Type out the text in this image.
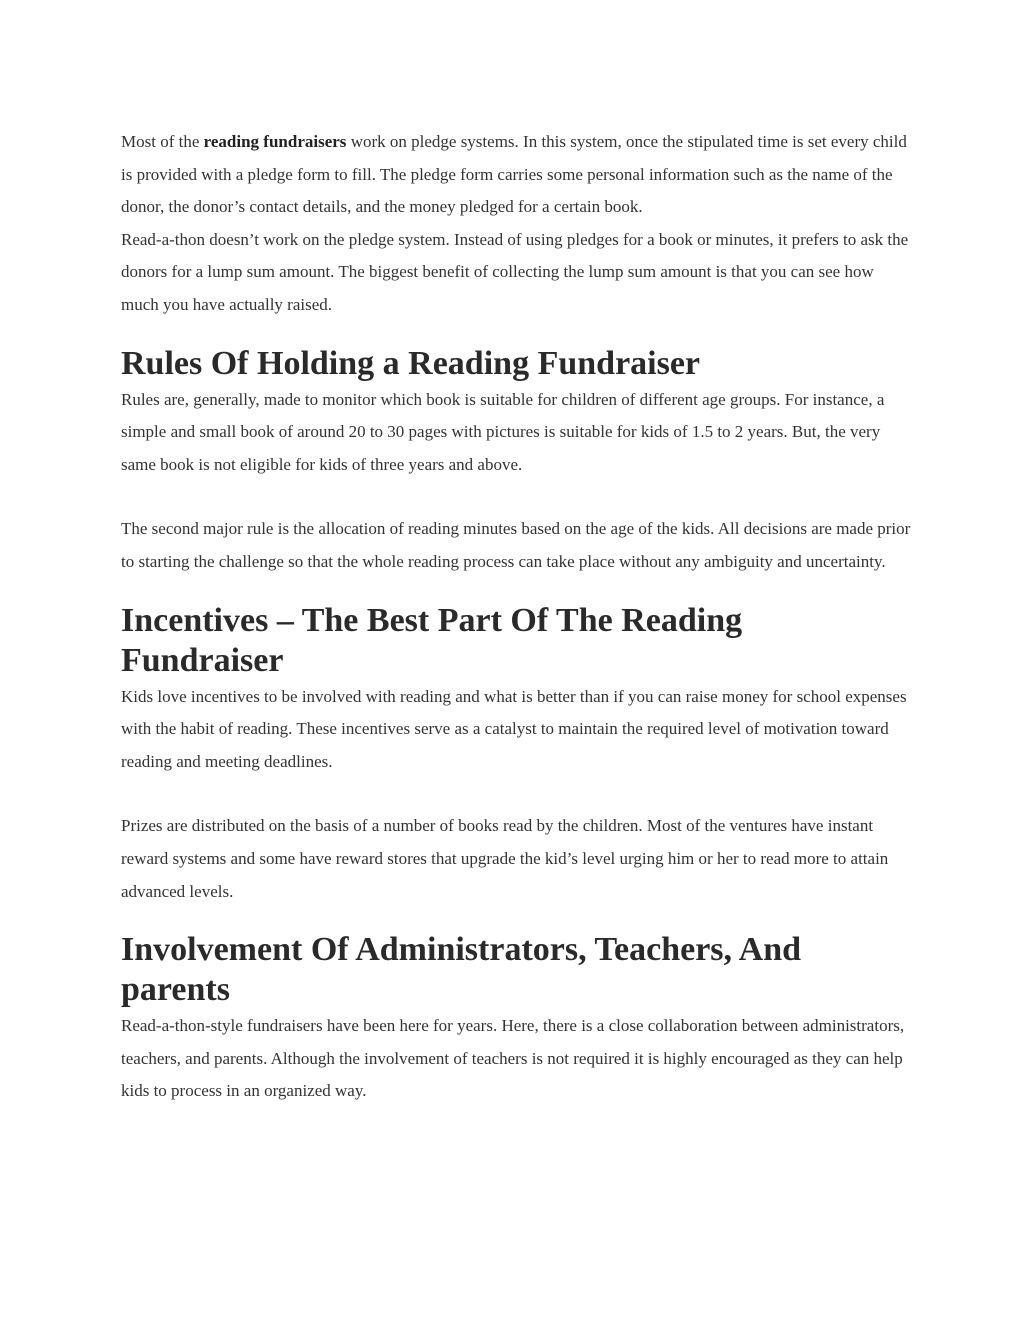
Most of the reading fundraisers work on pledge systems. In this system, once the stipulated time is set every child is provided with a pledge form to fill. The pledge form carries some personal information such as the name of the donor, the donor’s contact details, and the money pledged for a certain book.

Read-a-thon doesn’t work on the pledge system. Instead of using pledges for a book or minutes, it prefers to ask the donors for a lump sum amount. The biggest benefit of collecting the lump sum amount is that you can see how much you have actually raised.

Rules Of Holding a Reading Fundraiser

Rules are, generally, made to monitor which book is suitable for children of different age groups. For instance, a simple and small book of around 20 to 30 pages with pictures is suitable for kids of 1.5 to 2 years. But, the very same book is not eligible for kids of three years and above.

The second major rule is the allocation of reading minutes based on the age of the kids. All decisions are made prior to starting the challenge so that the whole reading process can take place without any ambiguity and uncertainty.

Incentives – The Best Part Of The Reading Fundraiser

Kids love incentives to be involved with reading and what is better than if you can raise money for school expenses with the habit of reading. These incentives serve as a catalyst to maintain the required level of motivation toward reading and meeting deadlines.

Prizes are distributed on the basis of a number of books read by the children. Most of the ventures have instant reward systems and some have reward stores that upgrade the kid’s level urging him or her to read more to attain advanced levels.

Involvement Of Administrators, Teachers, And parents

Read-a-thon-style fundraisers have been here for years. Here, there is a close collaboration between administrators, teachers, and parents. Although the involvement of teachers is not required it is highly encouraged as they can help kids to process in an organized way.
